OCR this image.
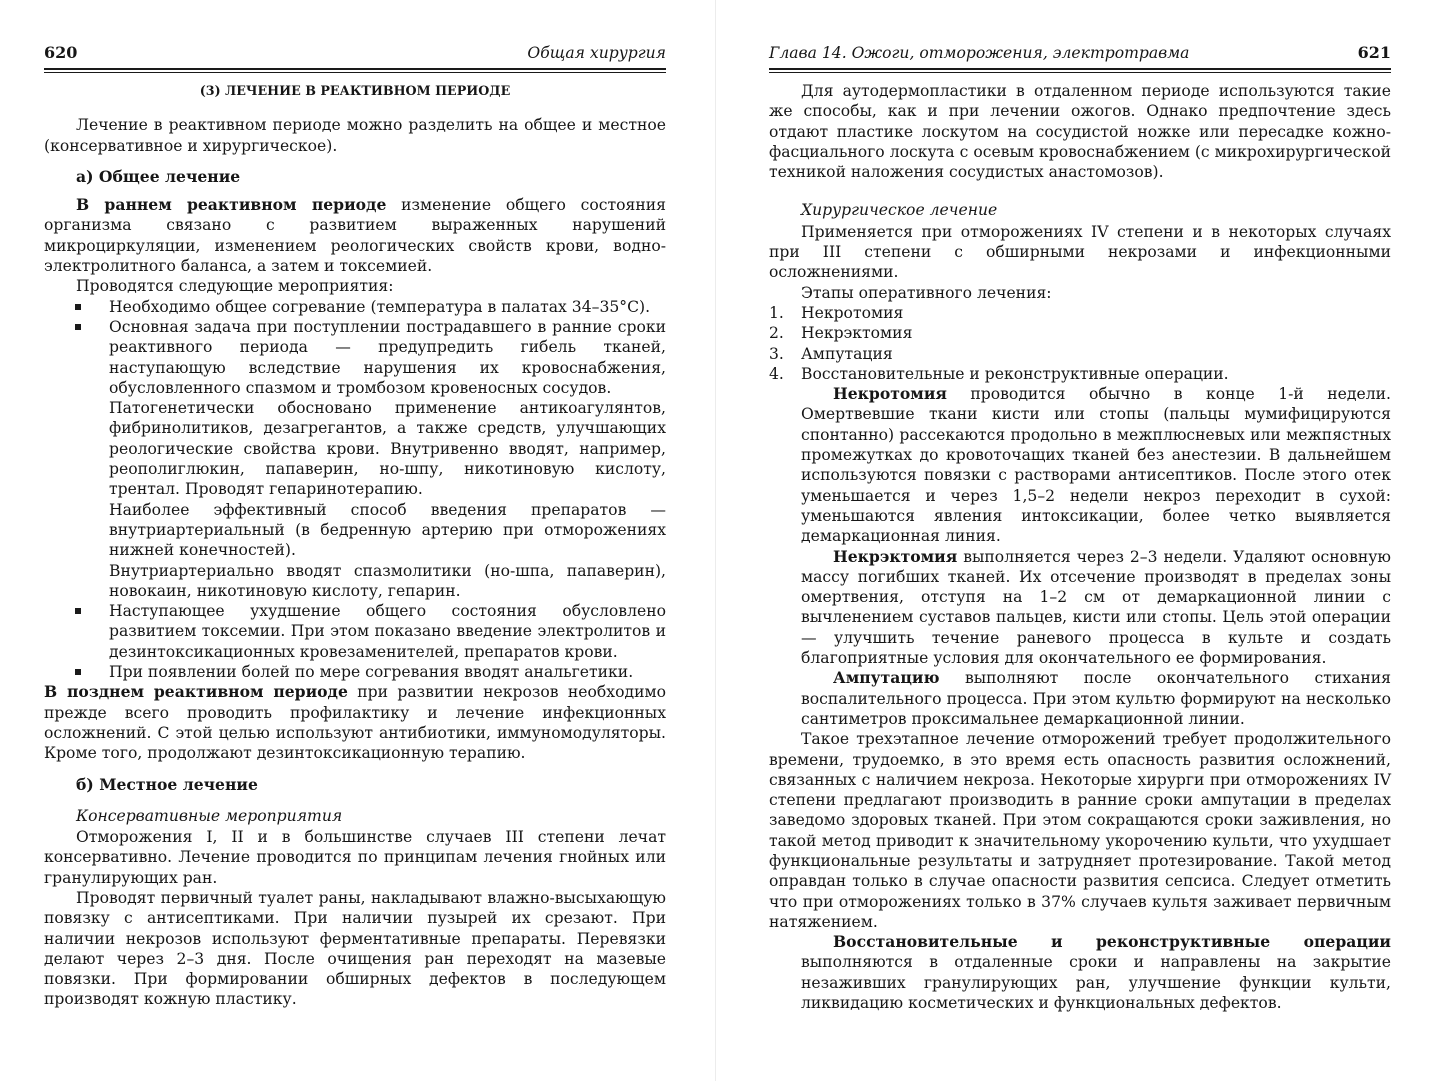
620	Общая хирургия
(3) ЛЕЧЕНИЕ В РЕАКТИВНОМ ПЕРИОДЕ

Лечение в реактивном периоде можно разделить на общее и местное (консервативное и хирургическое).

а) Общее лечение

В раннем реактивном периоде изменение общего состояния организма связано с развитием выраженных нарушений микроциркуляции, изменением реологических свойств крови, водно-электролитного баланса, а затем и токсемией.

Проводятся следующие мероприятия:

Необходимо общее согревание (температура в палатах 34–35°С).
Основная задача при поступлении пострадавшего в ранние сроки реактивного периода — предупредить гибель тканей, наступающую вследствие нарушения их кровоснабжения, обусловленного спазмом и тромбозом кровеносных сосудов.

Патогенетически обосновано применение антикоагулянтов, фибринолитиков, дезагрегантов, а также средств, улучшающих реологические свойства крови. Внутривенно вводят, например, реополиглюкин, папаверин, но-шпу, никотиновую кислоту, трентал. Проводят гепаринотерапию.

Наиболее эффективный способ введения препаратов — внутриартериальный (в бедренную артерию при отморожениях нижней конечностей).

Внутриартериально вводят спазмолитики (но-шпа, папаверин), новокаин, никотиновую кислоту, гепарин.

Наступающее ухудшение общего состояния обусловлено развитием токсемии. При этом показано введение электролитов и дезинтоксикационных кровезаменителей, препаратов крови.
При появлении болей по мере согревания вводят анальгетики.

В позднем реактивном периоде при развитии некрозов необходимо прежде всего проводить профилактику и лечение инфекционных осложнений. С этой целью используют антибиотики, иммуномодуляторы. Кроме того, продолжают дезинтоксикационную терапию.

б) Местное лечение
Консервативные мероприятия

Отморожения I, II и в большинстве случаев III степени лечат консервативно. Лечение проводится по принципам лечения гнойных или гранулирующих ран.

Проводят первичный туалет раны, накладывают влажно-высыхающую повязку с антисептиками. При наличии пузырей их срезают. При наличии некрозов используют ферментативные препараты. Перевязки делают через 2–3 дня. После очищения ран переходят на мазевые повязки. При формировании обширных дефектов в последующем производят кожную пластику.

Глава 14. Ожоги, отморожения, электротравма	621

Для аутодермопластики в отдаленном периоде используются такие же способы, как и при лечении ожогов. Однако предпочтение здесь отдают пластике лоскутом на сосудистой ножке или пересадке кожно-фасциального лоскута с осевым кровоснабжением (с микрохирургической техникой наложения сосудистых анастомозов).

Хирургическое лечение

Применяется при отморожениях IV степени и в некоторых случаях при III степени с обширными некрозами и инфекционными осложнениями.

Этапы оперативного лечения:

1. Некротомия
2. Некрэктомия
3. Ампутация
4. Восстановительные и реконструктивные операции.

Некротомия проводится обычно в конце 1-й недели. Омертвевшие ткани кисти или стопы (пальцы мумифицируются спонтанно) рассекаются продольно в межплюсневых или межпястных промежутках до кровоточащих тканей без анестезии. В дальнейшем используются повязки с растворами антисептиков. После этого отек уменьшается и через 1,5–2 недели некроз переходит в сухой: уменьшаются явления интоксикации, более четко выявляется демаркационная линия.

Некрэктомия выполняется через 2–3 недели. Удаляют основную массу погибших тканей. Их отсечение производят в пределах зоны омертвения, отступя на 1–2 см от демаркационной линии с вычленением суставов пальцев, кисти или стопы. Цель этой операции — улучшить течение раневого процесса в культе и создать благоприятные условия для окончательного ее формирования.

Ампутацию выполняют после окончательного стихания воспалительного процесса. При этом культю формируют на несколько сантиметров проксимальнее демаркационной линии.

Такое трехэтапное лечение отморожений требует продолжительного времени, трудоемко, в это время есть опасность развития осложнений, связанных с наличием некроза. Некоторые хирурги при отморожениях IV степени предлагают производить в ранние сроки ампутации в пределах заведомо здоровых тканей. При этом сокращаются сроки заживления, но такой метод приводит к значительному укорочению культи, что ухудшает функциональные результаты и затрудняет протезирование. Такой метод оправдан только в случае опасности развития сепсиса. Следует отметить что при отморожениях только в 37% случаев культя заживает первичным натяжением.

Восстановительные и реконструктивные операции выполняются в отдаленные сроки и направлены на закрытие незаживших гранулирующих ран, улучшение функции культи, ликвидацию косметических и функциональных дефектов.
